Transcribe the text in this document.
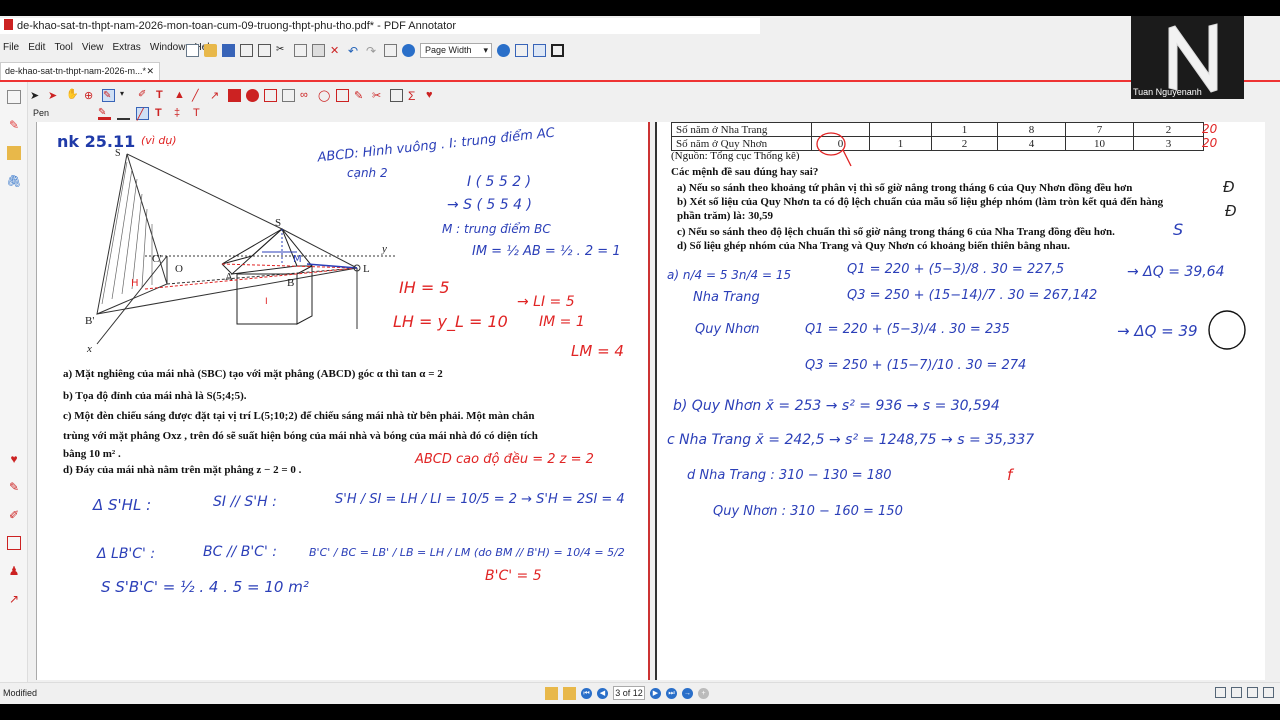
de-khao-sat-tn-thpt-nam-2026-mon-toan-cum-09-truong-thpt-phu-tho.pdf* - PDF Annotator
File Edit Tool View Extras Window	✂	✕ ↶ ↷	Page Width ▾
de-khao-sat-tn-thpt-nam-2026-m...* ✕
➤ ➤ ✋ ⊕ ✎	▾	✐ T	▲ ╱	↗	∞ ◯ ✎ ✂	Σ ♥
Pen	✎	╱	T	‡	T
✎
🖇
♥
✎
✐
♟
↗
nk 25.11 (vì dụ)
S
C'
O
H
A	B
M
B'
x
y
L
S
I
ABCD: Hình vuông . I: trung điểm AC
cạnh 2
I ( 5 5 2 )
→ S ( 5 5 4 )
M : trung điểm BC
IM = ½ AB = ½ . 2 = 1
IH = 5
→ LI = 5
IM = 1
LH = y_L = 10
LM = 4
a) Mặt nghiêng của mái nhà (SBC) tạo với mặt phẳng (ABCD) góc α thì tan α = 2
b) Tọa độ đỉnh của mái nhà là S(5;4;5).
c) Một đèn chiếu sáng được đặt tại vị trí L(5;10;2) để chiếu sáng mái nhà từ bên phải. Một màn chắn
trùng với mặt phẳng Oxz , trên đó sẽ suất hiện bóng của mái nhà và bóng của mái nhà đó có diện tích
bằng 10 m² .
d) Đáy của mái nhà nằm trên mặt phẳng z − 2 = 0 .
ABCD cao độ đều = 2 z = 2
Δ S'HL :	SI // S'H :	S'H / SI = LH / LI = 10/5 = 2 → S'H = 2SI = 4
Δ LB'C' :	BC // B'C' :	B'C' / BC = LB' / LB = LH / LM (do BM // B'H) = 10/4 = 5/2
B'C' = 5
S S'B'C' = ½ . 4 . 5 = 10 m²
Số năm ở Nha Trang			1	8	7	2
Số năm ở Quy Nhơn	0	1	2	4	10	3
20
20
(Nguồn: Tổng cục Thống kê)
Các mệnh đề sau đúng hay sai?
a) Nếu so sánh theo khoảng tứ phân vị thì số giờ nắng trong tháng 6 của Quy Nhơn đồng đều hơn
b) Xét số liệu của Quy Nhơn ta có độ lệch chuẩn của mẫu số liệu ghép nhóm (làm tròn kết quả đến hàng
phần trăm) là: 30,59
c) Nếu so sánh theo độ lệch chuẩn thì số giờ nắng trong tháng 6 của Nha Trang đồng đều hơn.
d) Số liệu ghép nhóm của Nha Trang và Quy Nhơn có khoảng biến thiên bằng nhau.
Đ
Đ
S
a) n/4 = 5 3n/4 = 15
Nha Trang
Q1 = 220 + (5−3)/8 . 30 = 227,5
Q3 = 250 + (15−14)/7 . 30 = 267,142
→ ΔQ = 39,64
Quy Nhơn	Q1 = 220 + (5−3)/4 . 30 = 235
Q3 = 250 + (15−7)/10 . 30 = 274
→ ΔQ = 39
b) Quy Nhơn x̄ = 253 → s² = 936 → s = 30,594
c Nha Trang x̄ = 242,5 → s² = 1248,75 → s = 35,337
d Nha Trang : 310 − 130 = 180	f
Quy Nhơn : 310 − 160 = 150
Modified	⏮	◀	3 of 12	▶	⏭	→	+
Tuan Nguyenanh
